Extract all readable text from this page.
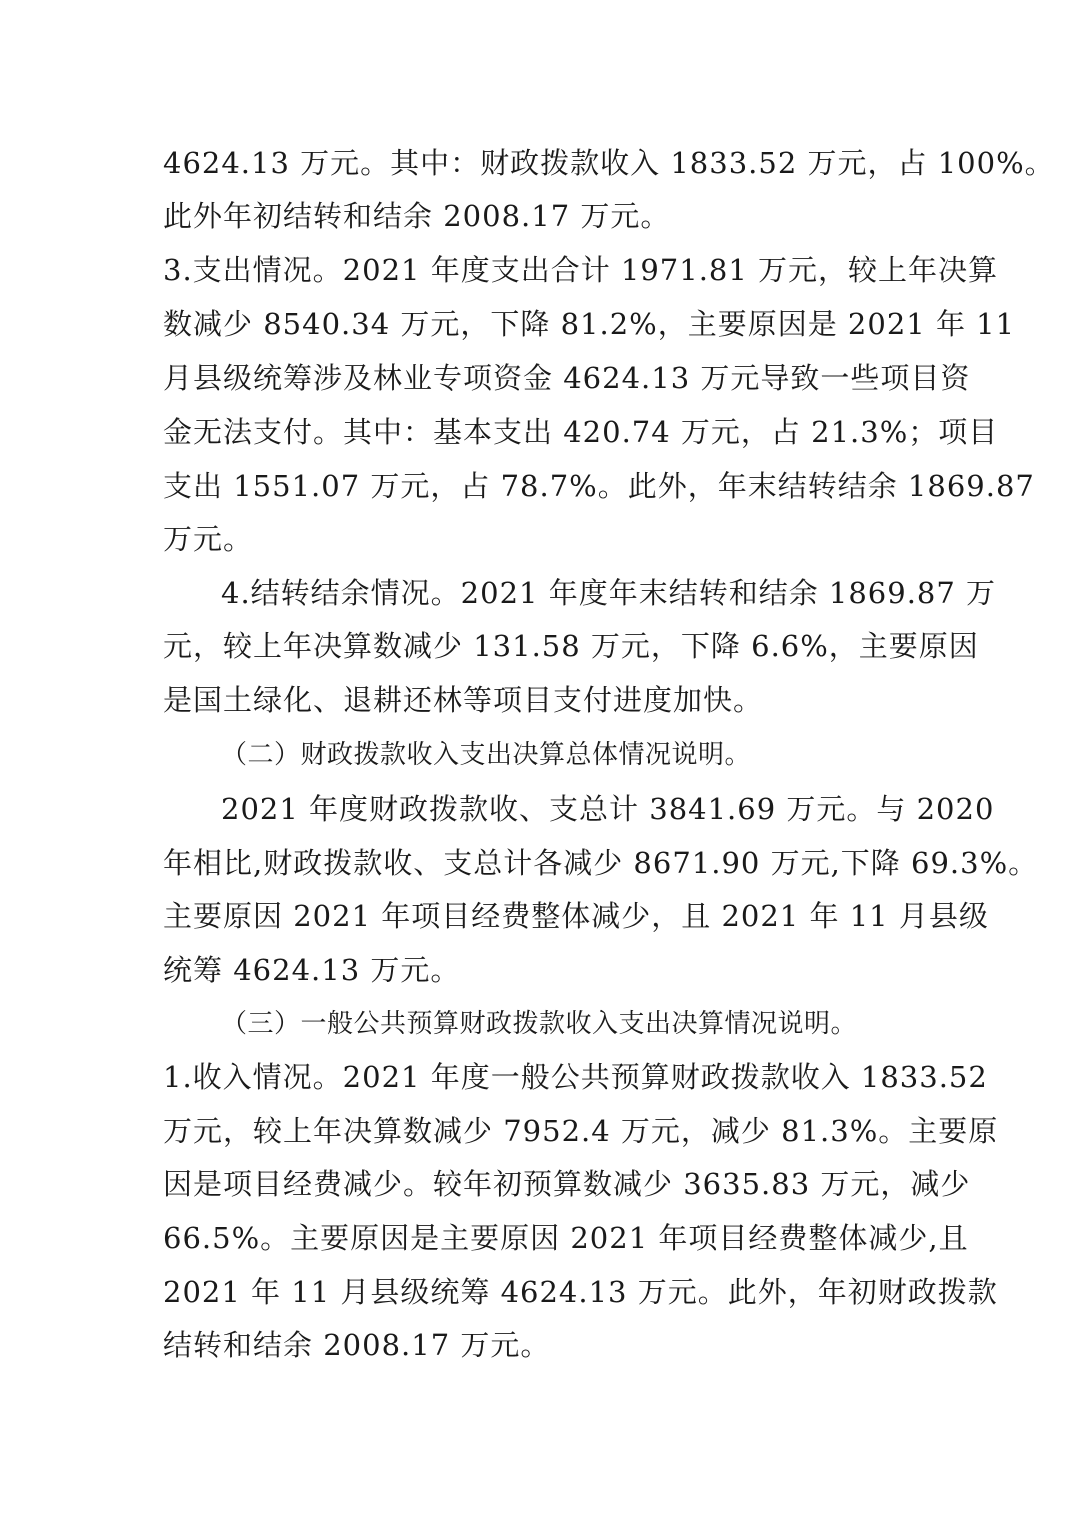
4624.13 万元。其中：财政拨款收入 1833.52 万元，占 100%。
此外年初结转和结余 2008.17 万元。
3.支出情况。2021 年度支出合计 1971.81 万元，较上年决算
数减少 8540.34 万元，下降 81.2%，主要原因是 2021 年 11
月县级统筹涉及林业专项资金 4624.13 万元导致一些项目资
金无法支付。其中：基本支出 420.74 万元，占 21.3%；项目
支出 1551.07 万元，占 78.7%。此外，年末结转结余 1869.87
万元。
4.结转结余情况。2021 年度年末结转和结余 1869.87 万
元，较上年决算数减少 131.58 万元，下降 6.6%，主要原因
是国土绿化、退耕还林等项目支付进度加快。
（二）财政拨款收入支出决算总体情况说明。
2021 年度财政拨款收、支总计 3841.69 万元。与 2020
年相比,财政拨款收、支总计各减少 8671.90 万元,下降 69.3%。
主要原因 2021 年项目经费整体减少，且 2021 年 11 月县级
统筹 4624.13 万元。
（三）一般公共预算财政拨款收入支出决算情况说明。
1.收入情况。2021 年度一般公共预算财政拨款收入 1833.52
万元，较上年决算数减少 7952.4 万元，减少 81.3%。主要原
因是项目经费减少。较年初预算数减少 3635.83 万元，减少
66.5%。主要原因是主要原因 2021 年项目经费整体减少,且
2021 年 11 月县级统筹 4624.13 万元。此外，年初财政拨款
结转和结余 2008.17 万元。
